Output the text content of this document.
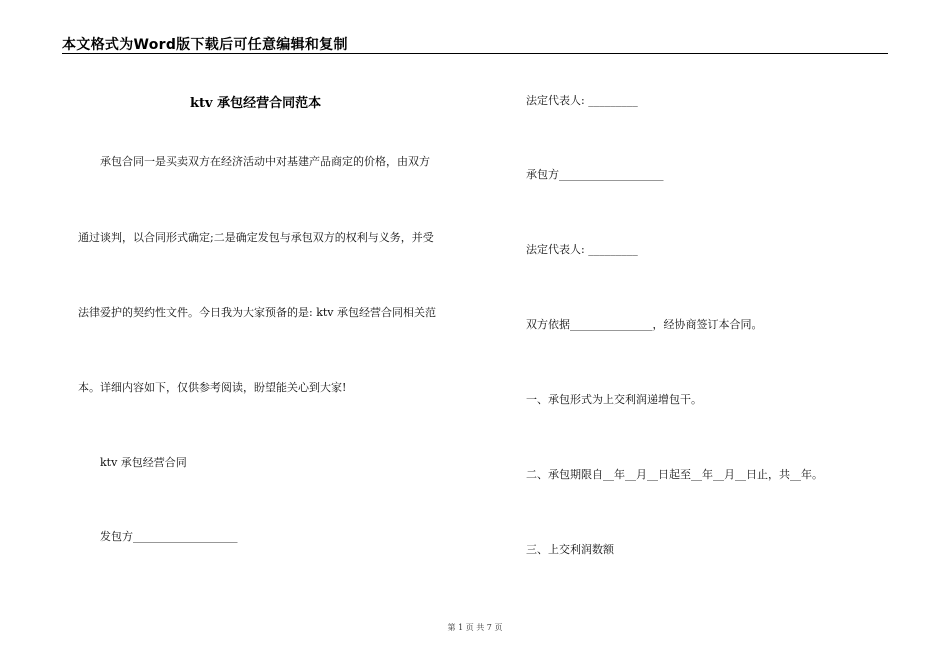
本文格式为Word版下载后可任意编辑和复制
ktv 承包经营合同范本
承包合同一是买卖双方在经济活动中对基建产品商定的价格，由双方
通过谈判，以合同形式确定;二是确定发包与承包双方的权利与义务，并受
法律爱护的契约性文件。今日我为大家预备的是: ktv 承包经营合同相关范
本。详细内容如下，仅供参考阅读，盼望能关心到大家!
ktv 承包经营合同
发包方___________________
法定代表人: _________
承包方___________________
法定代表人: _________
双方依据_______________，经协商签订本合同。
一、承包形式为上交利润递增包干。
二、承包期限自__年__月__日起至__年__月__日止，共__年。
三、上交利润数额
第 1 页 共 7 页
